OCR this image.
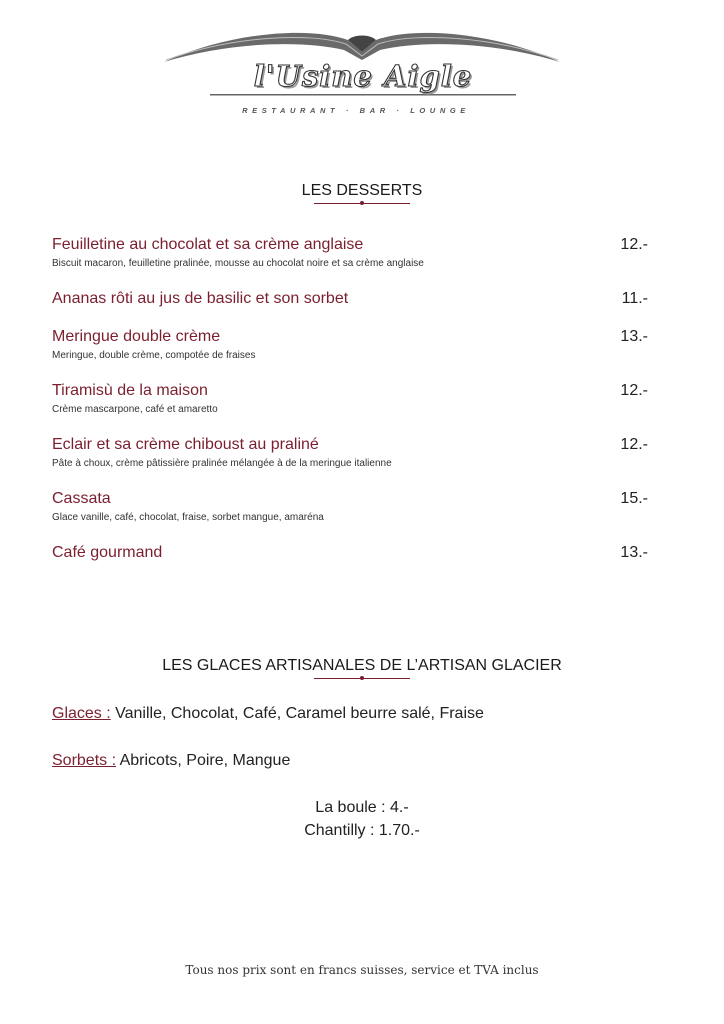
l'Usine Aigle
RESTAURANT · BAR · LOUNGE
LES DESSERTS
Feuilletine au chocolat et sa crème anglaise	12.-
Biscuit macaron, feuilletine pralinée, mousse au chocolat noire et sa crème anglaise
Ananas rôti au jus de basilic et son sorbet	11.-
Meringue double crème	13.-
Meringue, double crème, compotée de fraises
Tiramisù de la maison	12.-
Crème mascarpone, café et amaretto
Eclair et sa crème chiboust au praliné	12.-
Pâte à choux, crème pâtissière pralinée mélangée à de la meringue italienne
Cassata	15.-
Glace vanille, café, chocolat, fraise, sorbet mangue, amaréna
Café gourmand	13.-
LES GLACES ARTISANALES DE L’ARTISAN GLACIER
Glaces : Vanille, Chocolat, Café, Caramel beurre salé, Fraise
Sorbets : Abricots, Poire, Mangue
La boule : 4.-
Chantilly : 1.70.-
Tous nos prix sont en francs suisses, service et TVA inclus
